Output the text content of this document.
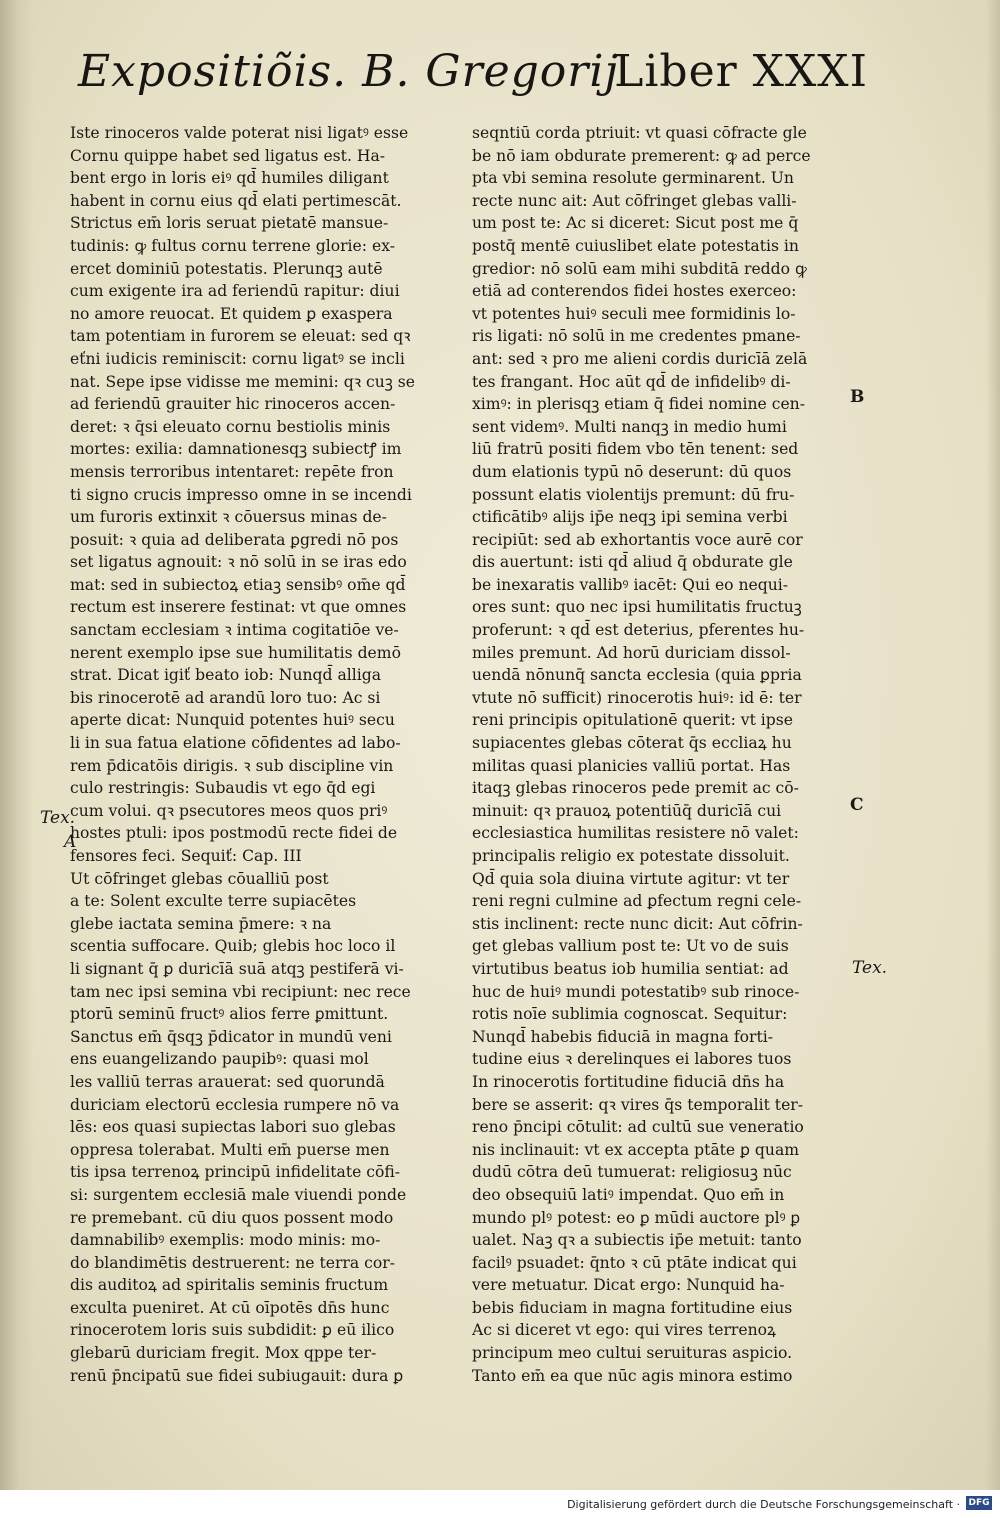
Expositiõis. B. Gregorij
Liber XXXI
Iste rinoceros valde poterat nisi ligatꝰ esse
Cornu quippe habet sed ligatus est. Ha-
bent ergo in loris eiꝰ qd̄ humiles diligant
habent in cornu eius qd̄ elati pertimescāt.
Strictus em̄ loris seruat pietatē mansue-
tudinis: ꝙ fultus cornu terrene glorie: ex-
ercet dominiū potestatis. Plerunqꝫ autē
cum exigente ira ad feriendū rapitur: diui
no amore reuocat. Et quidem ꝑ exaspera
tam potentiam in furorem se eleuat: sed qꝛ
eťni iudicis reminiscit: cornu ligatꝰ se incli
nat. Sepe ipse vidisse me memini: qꝛ cuꝫ se
ad feriendū grauiter hic rinoceros accen-
deret: ꝛ q̄si eleuato cornu bestiolis minis
mortes: exilia: damnationesqꝫ subiectꝭ im
mensis terroribus intentaret: repēte fron
ti signo crucis impresso omne in se incendi
um furoris extinxit ꝛ cōuersus minas de-
posuit: ꝛ quia ad deliberata ꝑgredi nō pos
set ligatus agnouit: ꝛ nō solū in se iras edo
mat: sed in subiectoꝝ etiaꝫ sensibꝰ om̄e qd̄
rectum est inserere festinat: vt que omnes
sanctam ecclesiam ꝛ intima cogitatiōe ve-
nerent exemplo ipse sue humilitatis demō
strat. Dicat igiť beato iob: Nunqd̄ alliga
bis rinocerotē ad arandū loro tuo: Ac si
aperte dicat: Nunquid potentes huiꝰ secu
li in sua fatua elatione cōfidentes ad labo-
rem p̄dicatōis dirigis. ꝛ sub discipline vin
culo restringis: Subaudis vt ego q̄d egi
cum volui. qꝛ psecutores meos quos priꝰ
hostes ptuli: ipos postmodū recte fidei de
fensores feci. Sequiť: Cap. III
Ut cōfringet glebas cōualliū post
a te: Solent exculte terre supiacētes
glebe iactata semina p̄mere: ꝛ na
scentia suffocare. Quib; glebis hoc loco il
li signant q̄ ꝑ duricīā suā atqꝫ pestiferā vi-
tam nec ipsi semina vbi recipiunt: nec rece
ptorū seminū fructꝰ alios ferre ꝑmittunt.
Sanctus em̄ q̄sqꝫ p̄dicator in mundū veni
ens euangelizando paupibꝰ: quasi mol
les valliū terras arauerat: sed quorundā
duriciam electorū ecclesia rumpere nō va
lēs: eos quasi supiectas labori suo glebas
oppresa tolerabat. Multi em̄ puerse men
tis ipsa terrenoꝝ principū infidelitate cōfi-
si: surgentem ecclesiā male viuendi ponde
re premebant. cū diu quos possent modo
damnabilibꝰ exemplis: modo minis: mo-
do blandimētis destruerent: ne terra cor-
dis auditoꝝ ad spiritalis seminis fructum
exculta pueniret. At cū oīpotēs dn̄s hunc
rinocerotem loris suis subdidit: ꝑ eū ilico
glebarū duriciam fregit. Mox qppe ter-
renū p̄ncipatū sue fidei subiugauit: dura ꝑ
seqntiū corda ptriuit: vt quasi cōfracte gle
be nō iam obdurate premerent: ꝙ ad perce
pta vbi semina resolute germinarent. Un
recte nunc ait: Aut cōfringet glebas valli-
um post te: Ac si diceret: Sicut post me q̄
postq̄ mentē cuiuslibet elate potestatis in
gredior: nō solū eam mihi subditā reddo ꝙ
etiā ad conterendos fidei hostes exerceo:
vt potentes huiꝰ seculi mee formidinis lo-
ris ligati: nō solū in me credentes pmane-
ant: sed ꝛ pro me alieni cordis duricīā zelā
tes frangant. Hoc aūt qd̄ de infidelibꝰ di-
ximꝰ: in plerisqꝫ etiam q̄ fidei nomine cen-
sent videmꝰ. Multi nanqꝫ in medio humi
liū fratrū positi fidem vbo tēn tenent: sed
dum elationis typū nō deserunt: dū quos
possunt elatis violentijs premunt: dū fru-
ctificātibꝰ alijs ip̄e neqꝫ ipi semina verbi
recipiūt: sed ab exhortantis voce aurē cor
dis auertunt: isti qd̄ aliud q̄ obdurate gle
be inexaratis vallibꝰ iacēt: Qui eo nequi-
ores sunt: quo nec ipsi humilitatis fructuꝫ
proferunt: ꝛ qd̄ est deterius, pferentes hu-
miles premunt. Ad horū duriciam dissol-
uendā nōnunq̄ sancta ecclesia (quia ꝑpria
vtute nō sufficit) rinocerotis huiꝰ: id ē: ter
reni principis opitulationē querit: vt ipse
supiacentes glebas cōterat q̄s eccliaꝝ hu
militas quasi planicies valliū portat. Has
itaqꝫ glebas rinoceros pede premit ac cō-
minuit: qꝛ prauoꝝ potentiūq̄ duricīā cui
ecclesiastica humilitas resistere nō valet:
principalis religio ex potestate dissoluit.
Qd̄ quia sola diuina virtute agitur: vt ter
reni regni culmine ad ꝑfectum regni cele-
stis inclinent: recte nunc dicit: Aut cōfrin-
get glebas vallium post te: Ut vo de suis
virtutibus beatus iob humilia sentiat: ad
huc de huiꝰ mundi potestatibꝰ sub rinoce-
rotis noīe sublimia cognoscat. Sequitur:
Nunqd̄ habebis fiduciā in magna forti-
tudine eius ꝛ derelinques ei labores tuos
In rinocerotis fortitudine fiduciā dn̄s ha
bere se asserit: qꝛ vires q̄s temporalit ter-
reno p̄ncipi cōtulit: ad cultū sue veneratio
nis inclinauit: vt ex accepta ptāte ꝑ quam
dudū cōtra deū tumuerat: religiosuꝫ nūc
deo obsequiū latiꝰ impendat. Quo em̄ in
mundo plꝰ potest: eo ꝑ mūdi auctore plꝰ ꝑ
ualet. Naꝫ qꝛ a subiectis ip̄e metuit: tanto
facilꝰ psuadet: q̄nto ꝛ cū ptāte indicat qui
vere metuatur. Dicat ergo: Nunquid ha-
bebis fiduciam in magna fortitudine eius
Ac si diceret vt ego: qui vires terrenoꝝ
principum meo cultui seruituras aspicio.
Tanto em̄ ea que nūc agis minora estimo
Tex.
A
B
C
Tex.
Digitalisierung gefördert durch die Deutsche Forschungsgemeinschaft · DFG
